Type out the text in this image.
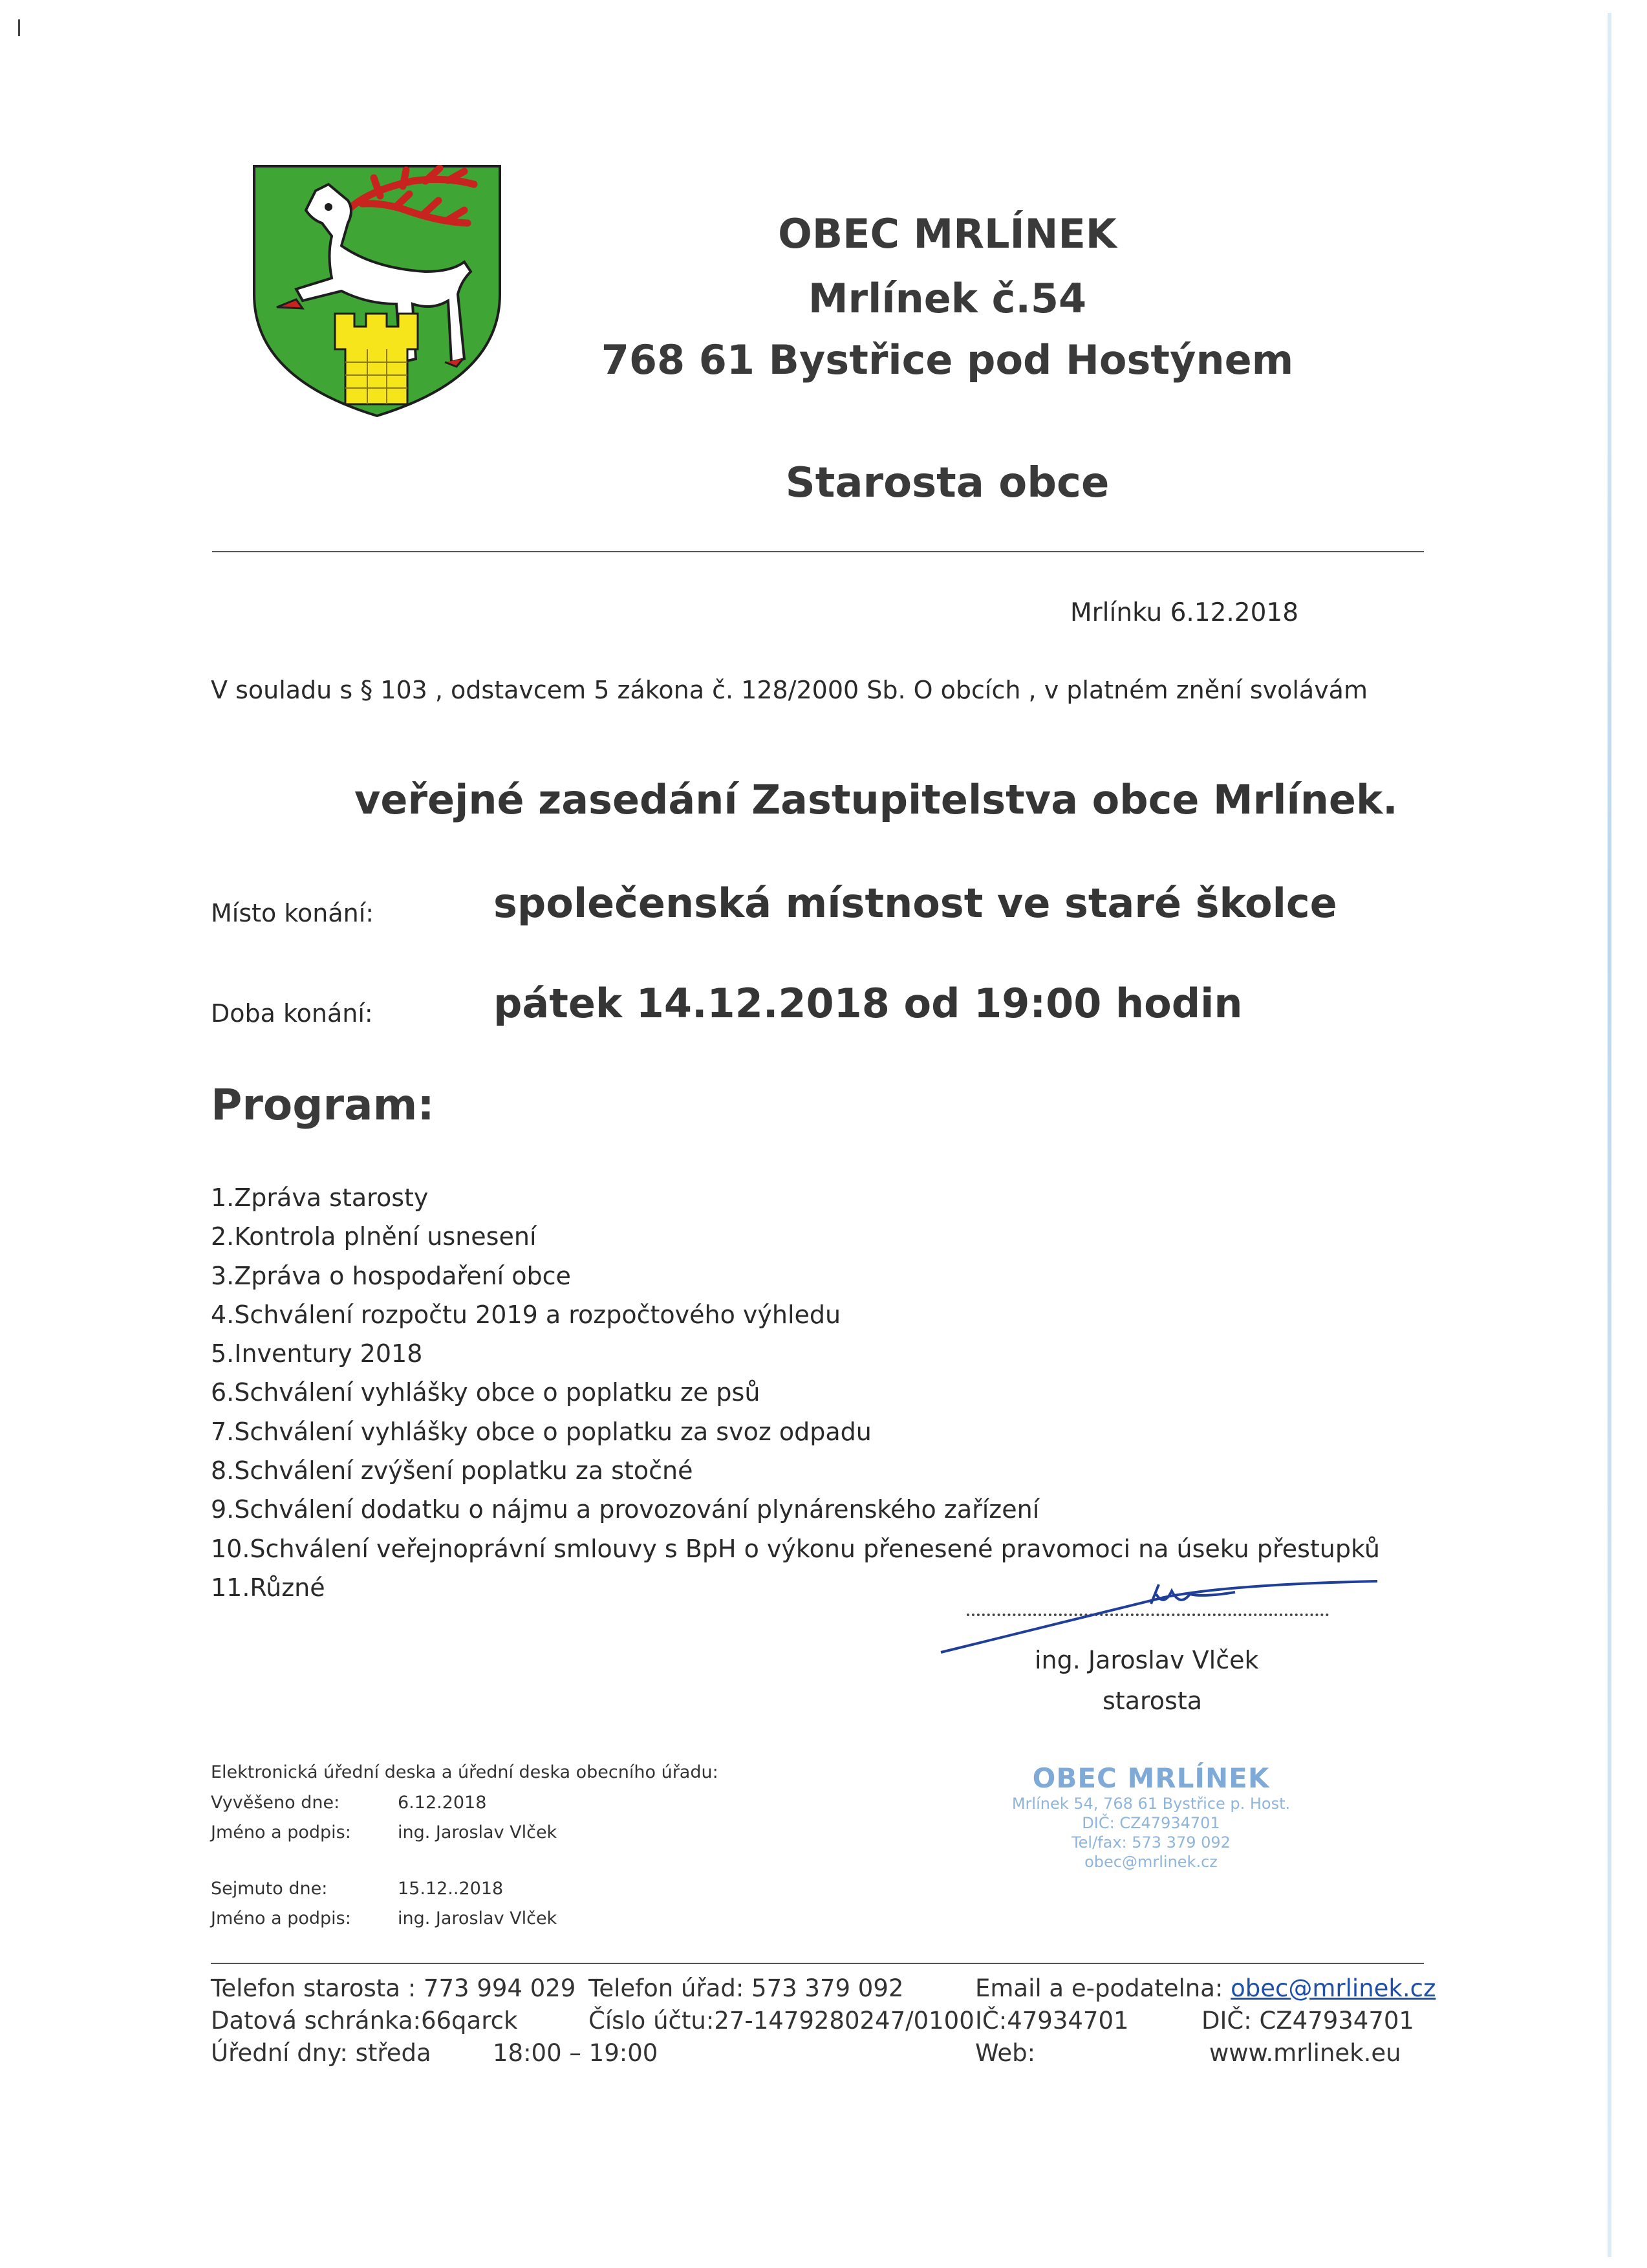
OBEC MRLÍNEK
Mrlínek č.54
768 61 Bystřice pod Hostýnem
Starosta obce
Mrlínku 6.12.2018
V souladu s § 103 , odstavcem 5 zákona č. 128/2000 Sb. O obcích , v platném znění svolávám
veřejné zasedání Zastupitelstva obce Mrlínek.
Místo konání:	společenská místnost ve staré školce
Doba konání:	pátek 14.12.2018 od 19:00 hodin
Program:
1.Zpráva starosty
2.Kontrola plnění usnesení
3.Zpráva o hospodaření obce
4.Schválení rozpočtu 2019 a rozpočtového výhledu
5.Inventury 2018
6.Schválení vyhlášky obce o poplatku ze psů
7.Schválení vyhlášky obce o poplatku za svoz odpadu
8.Schválení zvýšení poplatku za stočné
9.Schválení dodatku o nájmu a provozování plynárenského zařízení
10.Schválení veřejnoprávní smlouvy s BpH o výkonu přenesené pravomoci na úseku přestupků
11.Různé
ing. Jaroslav Vlček
starosta
OBEC MRLÍNEK
Mrlínek 54, 768 61 Bystřice p. Host.
DIČ: CZ47934701
Tel/fax: 573 379 092
obec@mrlinek.cz
Elektronická úřední deska a úřední deska obecního úřadu:
Vyvěšeno dne:	6.12.2018
Jméno a podpis:	ing. Jaroslav Vlček
Sejmuto dne:	15.12..2018
Jméno a podpis:	ing. Jaroslav Vlček
Telefon starosta : 773 994 029 Telefon úřad: 573 379 092	Email a e-podatelna: obec@mrlinek.cz
Datová schránka:66qarck	Číslo účtu:27-1479280247/0100 IČ:47934701	DIČ: CZ47934701
Úřední dny: středa	18:00 – 19:00	Web:	www.mrlinek.eu
